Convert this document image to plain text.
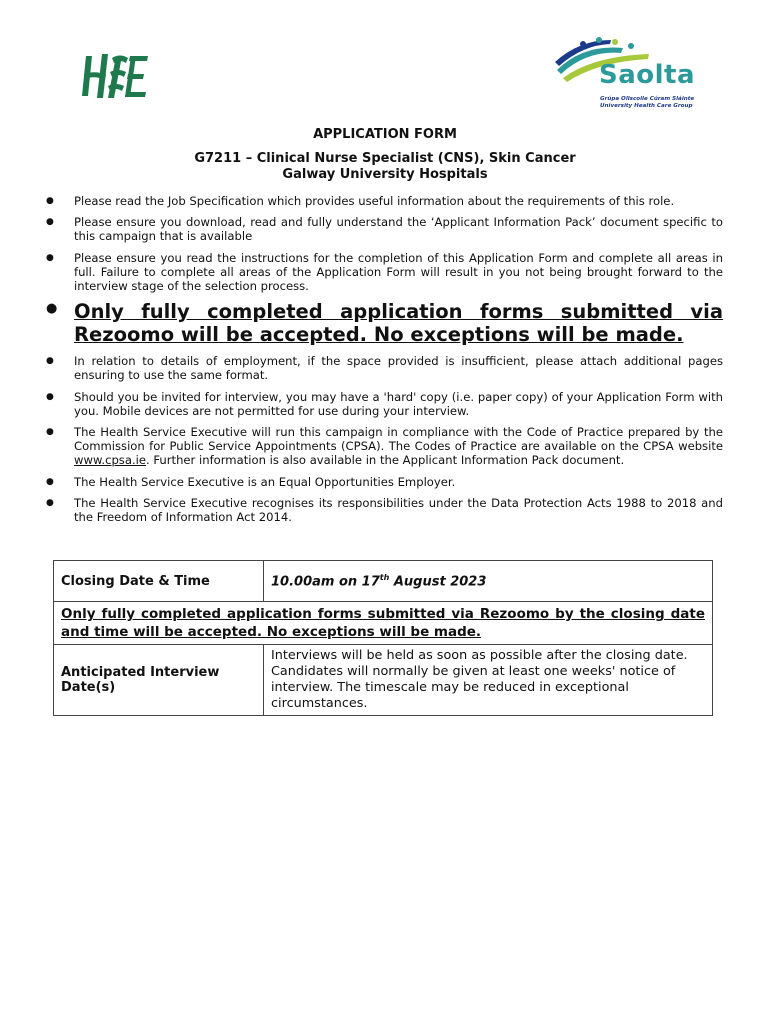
Saolta
Grúpa Ollscoile Cúram Sláinte
University Health Care Group
APPLICATION FORM
G7211 – Clinical Nurse Specialist (CNS), Skin Cancer
Galway University Hospitals
● Please read the Job Specification which provides useful information about the requirements of this role.
● Please ensure you download, read and fully understand the ‘Applicant Information Pack’ document specific to this campaign that is available
● Please ensure you read the instructions for the completion of this Application Form and complete all areas in full. Failure to complete all areas of the Application Form will result in you not being brought forward to the interview stage of the selection process.
● Only fully completed application forms submitted via Rezoomo will be accepted. No exceptions will be made.
● In relation to details of employment, if the space provided is insufficient, please attach additional pages ensuring to use the same format.
● Should you be invited for interview, you may have a 'hard' copy (i.e. paper copy) of your Application Form with you. Mobile devices are not permitted for use during your interview.
● The Health Service Executive will run this campaign in compliance with the Code of Practice prepared by the Commission for Public Service Appointments (CPSA). The Codes of Practice are available on the CPSA website www.cpsa.ie. Further information is also available in the Applicant Information Pack document.
● The Health Service Executive is an Equal Opportunities Employer.
● The Health Service Executive recognises its responsibilities under the Data Protection Acts 1988 to 2018 and the Freedom of Information Act 2014.
Closing Date & Time	10.00am on 17th August 2023
Only fully completed application forms submitted via Rezoomo by the closing date and time will be accepted. No exceptions will be made.	
Anticipated Interview Date(s)	Interviews will be held as soon as possible after the closing date. Candidates will normally be given at least one weeks' notice of interview. The timescale may be reduced in exceptional circumstances.
